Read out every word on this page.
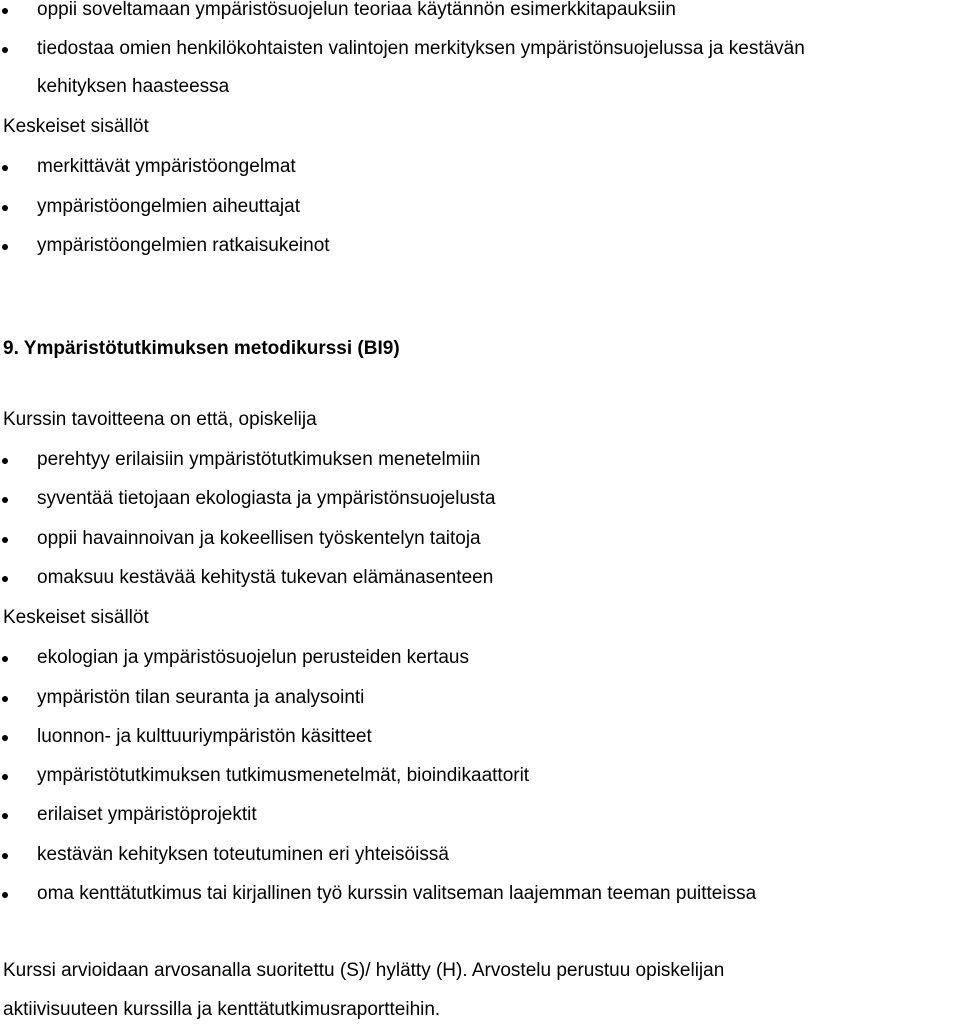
oppii soveltamaan ympäristösuojelun teoriaa käytännön esimerkkitapauksiin
tiedostaa omien henkilökohtaisten valintojen merkityksen ympäristönsuojelussa ja kestävän
kehityksen haasteessa
Keskeiset sisällöt
merkittävät ympäristöongelmat
ympäristöongelmien aiheuttajat
ympäristöongelmien ratkaisukeinot
9. Ympäristötutkimuksen metodikurssi (BI9)
Kurssin tavoitteena on että, opiskelija
perehtyy erilaisiin ympäristötutkimuksen menetelmiin
syventää tietojaan ekologiasta ja ympäristönsuojelusta
oppii havainnoivan ja kokeellisen työskentelyn taitoja
omaksuu kestävää kehitystä tukevan elämänasenteen
Keskeiset sisällöt
ekologian ja ympäristösuojelun perusteiden kertaus
ympäristön tilan seuranta ja analysointi
luonnon- ja kulttuuriympäristön käsitteet
ympäristötutkimuksen tutkimusmenetelmät, bioindikaattorit
erilaiset ympäristöprojektit
kestävän kehityksen toteutuminen eri yhteisöissä
oma kenttätutkimus tai kirjallinen työ kurssin valitseman laajemman teeman puitteissa
Kurssi arvioidaan arvosanalla suoritettu (S)/ hylätty (H). Arvostelu perustuu opiskelijan
aktiivisuuteen kurssilla ja kenttätutkimusraportteihin.
